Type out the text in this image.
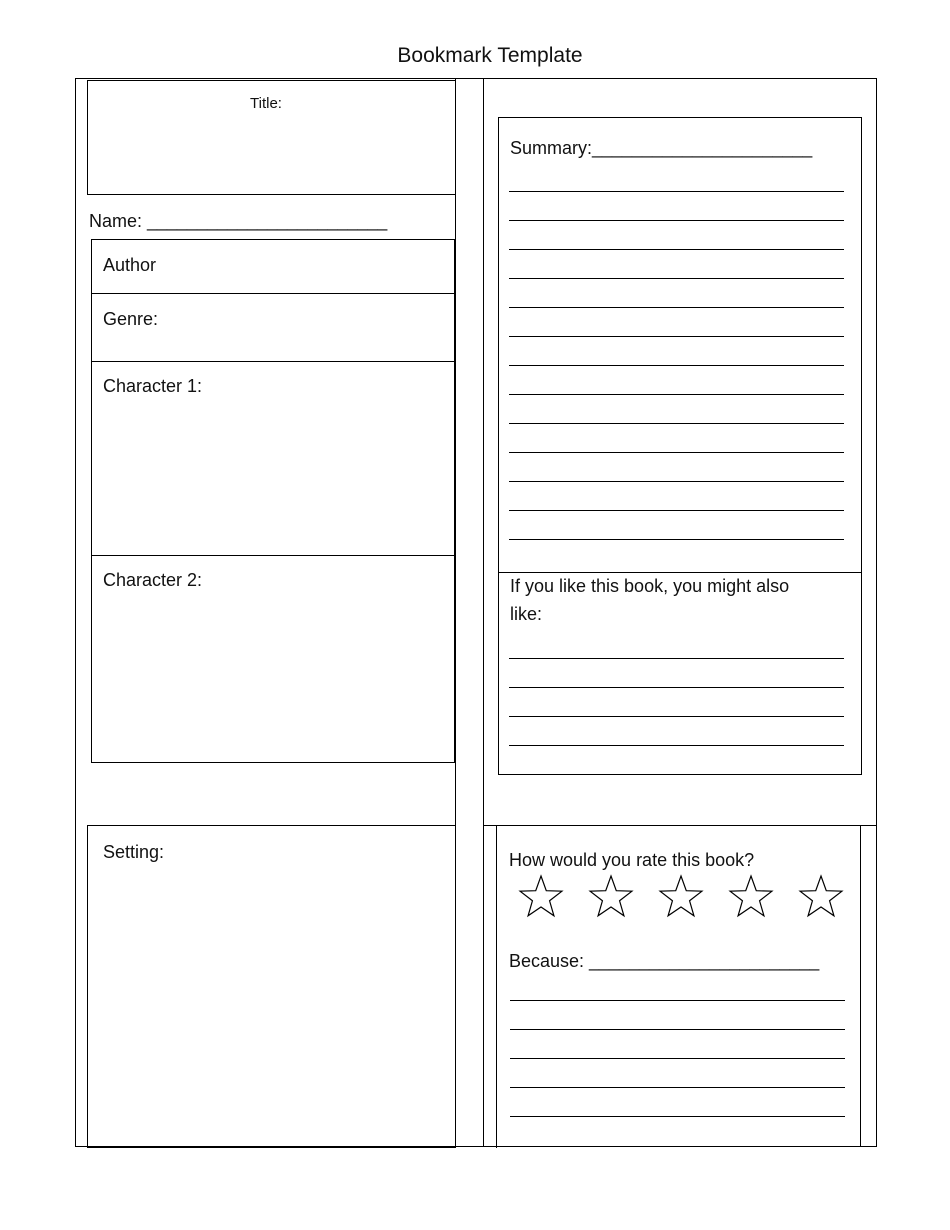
Bookmark Template
Title:
Name: ________________________
Author
Genre:
Character 1:
Character 2:
Setting:
Summary:______________________
If you like this book, you might also
like:
How would you rate this book?
Because: _______________________
